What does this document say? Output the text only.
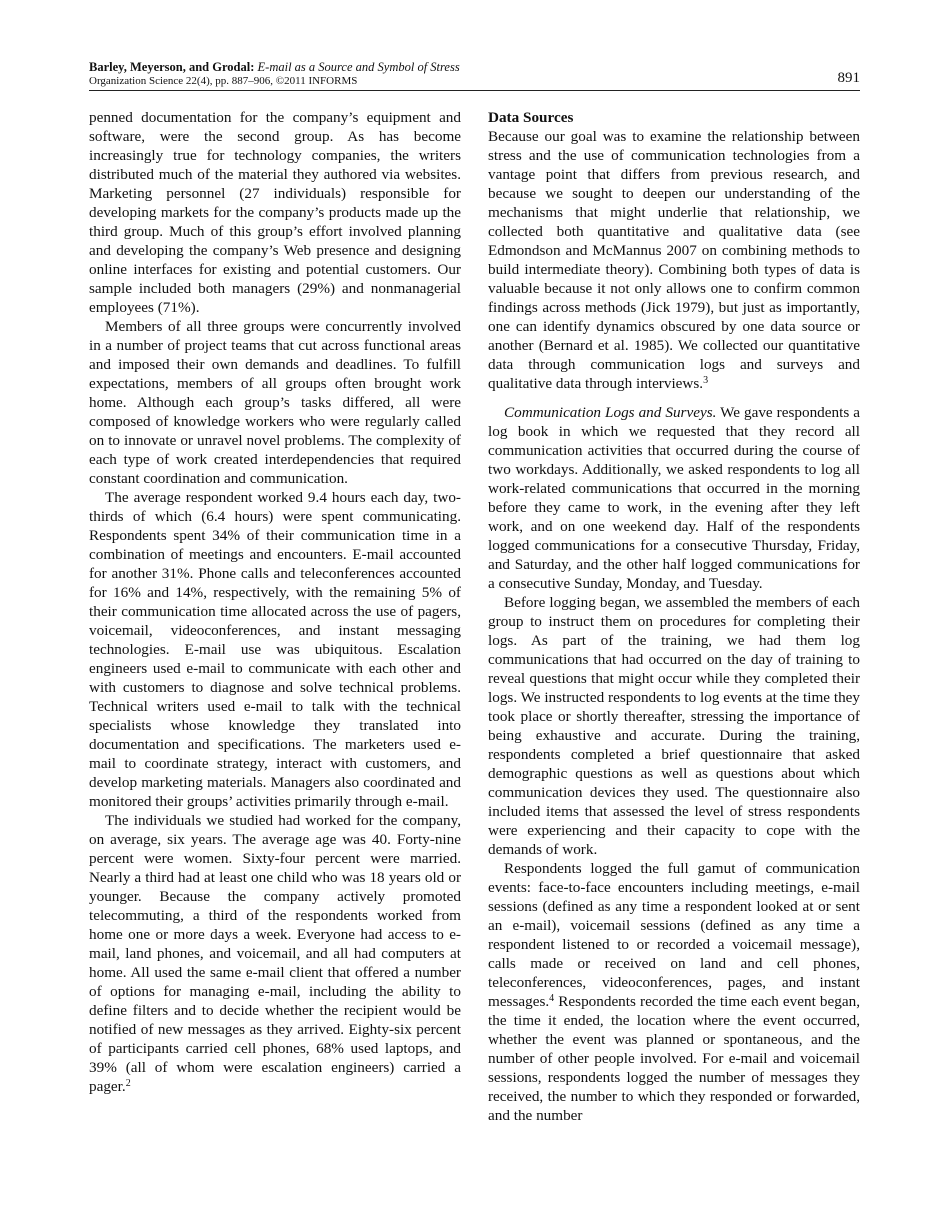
Barley, Meyerson, and Grodal: E-mail as a Source and Symbol of Stress
Organization Science 22(4), pp. 887–906, ©2011 INFORMS	891

penned documentation for the company’s equipment and software, were the second group. As has become increasingly true for technology companies, the writers distributed much of the material they authored via websites. Marketing personnel (27 individuals) responsible for developing markets for the company’s products made up the third group. Much of this group’s effort involved planning and developing the company’s Web presence and designing online interfaces for existing and potential customers. Our sample included both managers (29%) and nonmanagerial employees (71%).

Members of all three groups were concurrently involved in a number of project teams that cut across functional areas and imposed their own demands and deadlines. To fulfill expectations, members of all groups often brought work home. Although each group’s tasks differed, all were composed of knowledge workers who were regularly called on to innovate or unravel novel problems. The complexity of each type of work created interdependencies that required constant coordination and communication.

The average respondent worked 9.4 hours each day, two-thirds of which (6.4 hours) were spent communicating. Respondents spent 34% of their communication time in a combination of meetings and encounters. E-mail accounted for another 31%. Phone calls and teleconferences accounted for 16% and 14%, respectively, with the remaining 5% of their communication time allocated across the use of pagers, voicemail, videoconferences, and instant messaging technologies. E-mail use was ubiquitous. Escalation engineers used e-mail to communicate with each other and with customers to diagnose and solve technical problems. Technical writers used e-mail to talk with the technical specialists whose knowledge they translated into documentation and specifications. The marketers used e-mail to coordinate strategy, interact with customers, and develop marketing materials. Managers also coordinated and monitored their groups’ activities primarily through e-mail.

The individuals we studied had worked for the company, on average, six years. The average age was 40. Forty-nine percent were women. Sixty-four percent were married. Nearly a third had at least one child who was 18 years old or younger. Because the company actively promoted telecommuting, a third of the respondents worked from home one or more days a week. Everyone had access to e-mail, land phones, and voicemail, and all had computers at home. All used the same e-mail client that offered a number of options for managing e-mail, including the ability to define filters and to decide whether the recipient would be notified of new messages as they arrived. Eighty-six percent of participants carried cell phones, 68% used laptops, and 39% (all of whom were escalation engineers) carried a pager.$^2$

Data Sources

Because our goal was to examine the relationship between stress and the use of communication technologies from a vantage point that differs from previous research, and because we sought to deepen our understanding of the mechanisms that might underlie that relationship, we collected both quantitative and qualitative data (see Edmondson and McMannus 2007 on combining methods to build intermediate theory). Combining both types of data is valuable because it not only allows one to confirm common findings across methods (Jick 1979), but just as importantly, one can identify dynamics obscured by one data source or another (Bernard et al. 1985). We collected our quantitative data through communication logs and surveys and qualitative data through interviews.$^3$

Communication Logs and Surveys. We gave respondents a log book in which we requested that they record all communication activities that occurred during the course of two workdays. Additionally, we asked respondents to log all work-related communications that occurred in the morning before they came to work, in the evening after they left work, and on one weekend day. Half of the respondents logged communications for a consecutive Thursday, Friday, and Saturday, and the other half logged communications for a consecutive Sunday, Monday, and Tuesday.

Before logging began, we assembled the members of each group to instruct them on procedures for completing their logs. As part of the training, we had them log communications that had occurred on the day of training to reveal questions that might occur while they completed their logs. We instructed respondents to log events at the time they took place or shortly thereafter, stressing the importance of being exhaustive and accurate. During the training, respondents completed a brief questionnaire that asked demographic questions as well as questions about which communication devices they used. The questionnaire also included items that assessed the level of stress respondents were experiencing and their capacity to cope with the demands of work.

Respondents logged the full gamut of communication events: face-to-face encounters including meetings, e-mail sessions (defined as any time a respondent looked at or sent an e-mail), voicemail sessions (defined as any time a respondent listened to or recorded a voicemail message), calls made or received on land and cell phones, teleconferences, videoconferences, pages, and instant messages.$^4$ Respondents recorded the time each event began, the time it ended, the location where the event occurred, whether the event was planned or spontaneous, and the number of other people involved. For e-mail and voicemail sessions, respondents logged the number of messages they received, the number to which they responded or forwarded, and the number
